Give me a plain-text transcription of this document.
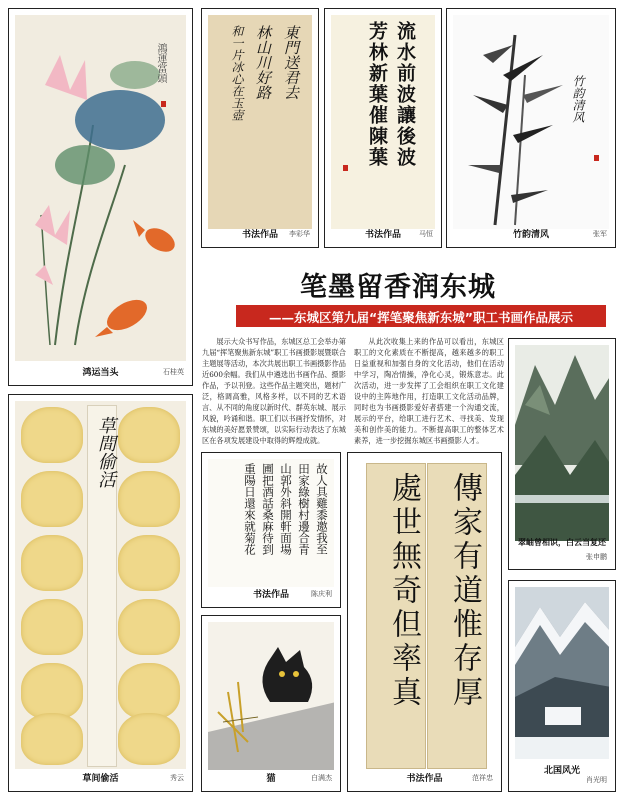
鴻運當頭
鸿运当头	石桂英
東門送君去
林山川好路
和一片冰心在玉壺
书法作品	李彩华
芳林新葉催陳葉 流水前波讓後波
书法作品	马恒
竹韵清风
竹韵清风	张军
笔墨留香润东城
——东城区第九届“挥笔聚焦新东城”职工书画作品展示
展示大众书写作品，东城区总工会举办第九届“挥笔聚焦新东城”职工书画摄影展暨联合主题展等活动，本次共展出职工书画摄影作品近600余幅。我们从中遴选出书画作品、摄影作品，予以刊登。这些作品主题突出，题材广泛，格调高雅，风格多样，以不同的艺术语言、从不同的角度以新时代、群英东城、展示风貌，吟诵和谐。职工们以书画抒发情怀，对东城的美好愿景赞颂，以实际行动表达了东城区在各项发展建设中取得的辉煌成就。
从此次收集上来的作品可以看出，东城区职工的文化素质在不断提高，越来越多的职工日益重视和加强自身的文化活动，他们在活动中学习，陶冶情操，净化心灵，锻炼意志。此次活动，进一步发挥了工会组织在职工文化建设中的主阵地作用，打造职工文化活动品牌，同时也为书画摄影爱好者搭建一个沟通交流，展示的平台，给职工进行艺术、寻找美、发现美和创作美的能力。不断提高职工的整体艺术素养，进一步挖掘东城区书画摄影人才。
翠岫曾相识，白云当复还
张申鹏
草間偷活
草间偷活	秀云
故人具雞黍邀我至
田家綠樹村邊合青
山郭外斜開軒面場
圃把酒話桑麻待到
重陽日還來就菊花
书法作品	陈庆利
猫	白满杰
傳家有道惟存厚
處世無奇但率真
书法作品	范祥忠
北国风光
肖光明
